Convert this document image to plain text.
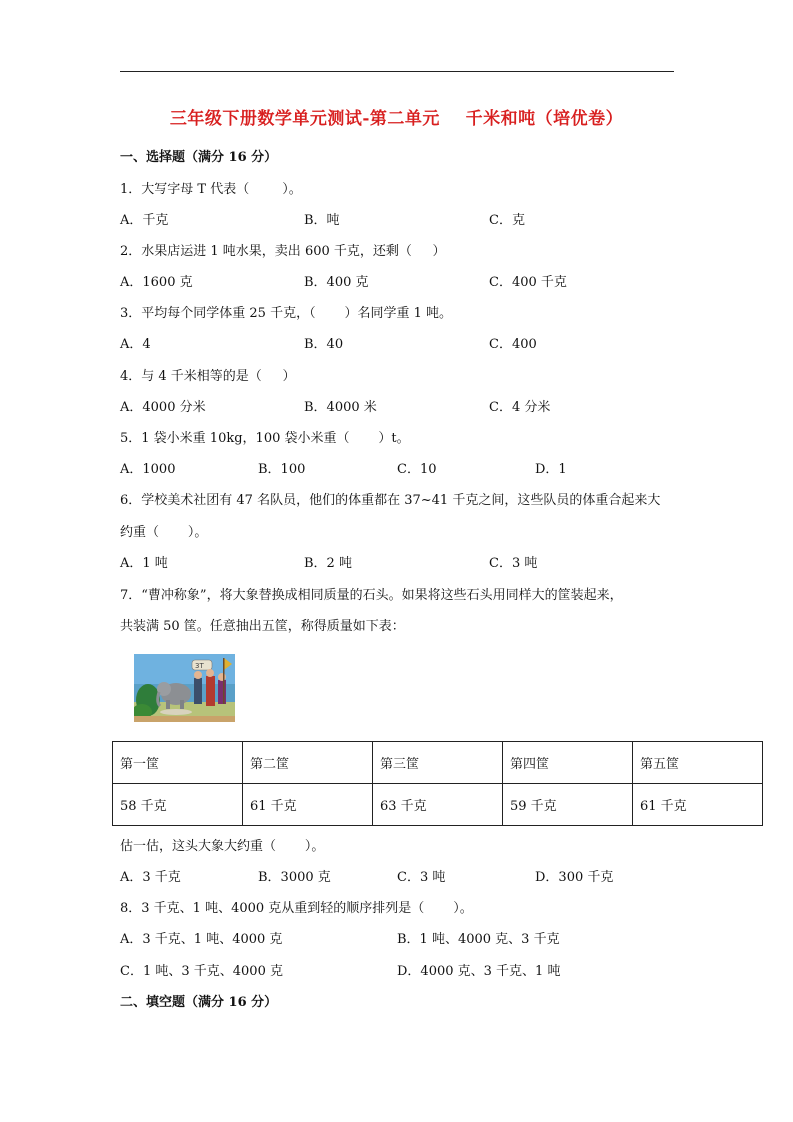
三年级下册数学单元测试-第二单元    千米和吨（培优卷）
一、选择题（满分 16 分）
1．大写字母 T 代表（        ）。
A．千克	B．吨	C．克
2．水果店运进 1 吨水果，卖出 600 千克，还剩（     ）
A．1600 克	B．400 克	C．400 千克
3．平均每个同学体重 25 千克，（       ）名同学重 1 吨。
A．4	B．40	C．400
4．与 4 千米相等的是（     ）
A．4000 分米	B．4000 米	C．4 分米
5．1 袋小米重 10kg，100 袋小米重（       ）t。
A．1000	B．100	C．10	D．1
6．学校美术社团有 47 名队员，他们的体重都在 37~41 千克之间，这些队员的体重合起来大
约重（       ）。
A．1 吨	B．2 吨	C．3 吨
7．“曹冲称象”，将大象替换成相同质量的石头。如果将这些石头用同样大的筐装起来，
共装满 50 筐。任意抽出五筐，称得质量如下表：
3T
第一筐	第二筐	第三筐	第四筐	第五筐
58 千克	61 千克	63 千克	59 千克	61 千克
估一估，这头大象大约重（       ）。
A．3 千克	B．3000 克	C．3 吨	D．300 千克
8．3 千克、1 吨、4000 克从重到轻的顺序排列是（       ）。
A．3 千克、1 吨、4000 克	B．1 吨、4000 克、3 千克
C．1 吨、3 千克、4000 克	D．4000 克、3 千克、1 吨
二、填空题（满分 16 分）
